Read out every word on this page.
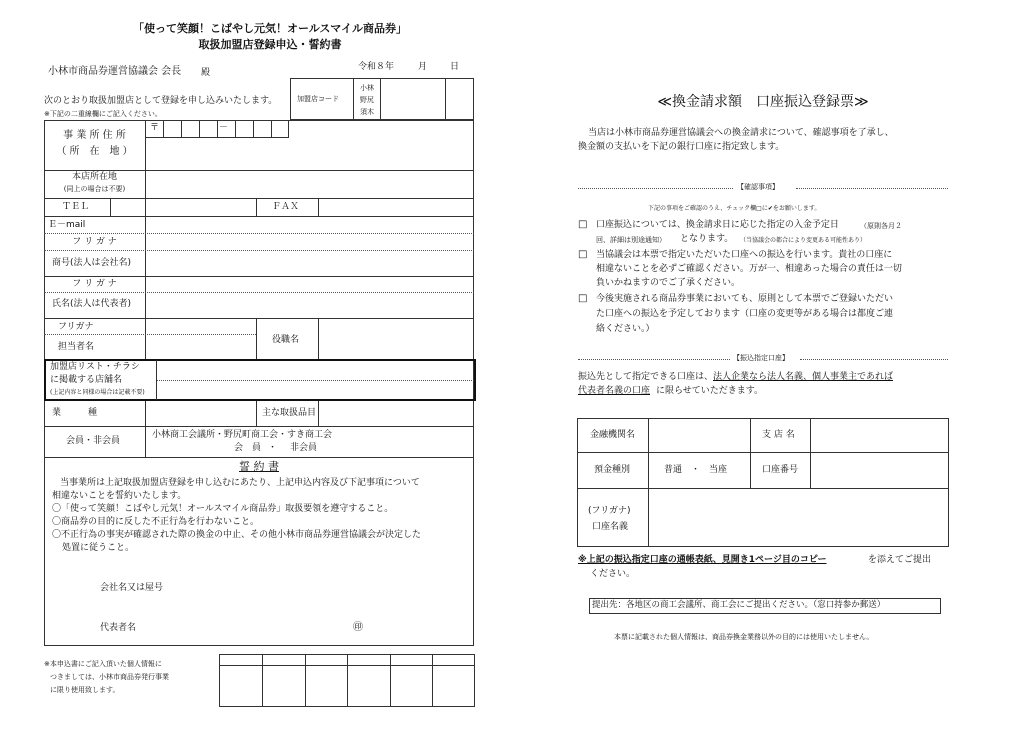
「使って笑顔！こばやし元気！オールスマイル商品券」
取扱加盟店登録申込・誓約書
小林市商品券運営協議会 会長 殿
令和８年	月	日
次のとおり取扱加盟店として登録を申し込みいたします。
※下記の二重線欄にご記入ください。
加盟店コード
小林
野尻
須木
事 業 所 住 所
（ 所　在　地 ）
〒	－
本店所在地
(同上の場合は不要)
ＴＥＬ	ＦＡＸ
Ｅ－mail
フ リ ガ ナ
商号(法人は会社名)
フ リ ガ ナ
氏名(法人は代表者)
フリガナ
担当者名
役職名
加盟店リスト・チラシ
に掲載する店舗名
(上記内容と同様の場合は記載不要)
業　　　種	主な取扱品目
会員・非会員
小林商工会議所・野尻町商工会・すき商工会
会　員 ・ 非会員
誓 約 書
当事業所は上記取扱加盟店登録を申し込むにあたり、上記申込内容及び下記事項について
相違ないことを誓約いたします。
〇「使って笑顔！こばやし元気！オールスマイル商品券」取扱要領を遵守すること。
〇商品券の目的に反した不正行為を行わないこと。
〇不正行為の事実が確認された際の換金の中止、その他小林市商品券運営協議会が決定した
処置に従うこと。
会社名又は屋号
代表者名	㊞
※本申込書にご記入頂いた個人情報に
つきましては、小林市商品券発行事業
に限り使用致します。
≪換金請求額　口座振込登録票≫
当店は小林市商品券運営協議会への換金請求について、確認事項を了承し、
換金額の支払いを下記の銀行口座に指定致します。
【確認事項】
下記の事項をご確認のうえ、チェック欄□に✔をお願いします。
□ 口座振込については、換金請求日に応じた指定の入金予定日	（原則各月２
回、詳細は別途通知） となります。 （当協議会の都合により変更ある可能性あり）
□ 当協議会は本票で指定いただいた口座への振込を行います。貴社の口座に
相違ないことを必ずご確認ください。万が一、相違あった場合の責任は一切
負いかねますのでご了承ください。
□ 今後実施される商品券事業においても、原則として本票でご登録いただい
た口座への振込を予定しております（口座の変更等がある場合は都度ご連
絡ください。）
【振込指定口座】
振込先として指定できる口座は、 法人企業なら法人名義、個人事業主であれば
代表者名義の口座 に限らせていただきます。
金融機関名	支 店 名
預金種別	普通　・　当座	口座番号
(フリガナ)
口座名義
※上記の振込指定口座の通帳表紙、見開き1ページ目のコピー	を添えてご提出
ください。
提出先：各地区の商工会議所、商工会にご提出ください。（窓口持参か郵送）
本票に記載された個人情報は、商品券換金業務以外の目的には使用いたしません。
